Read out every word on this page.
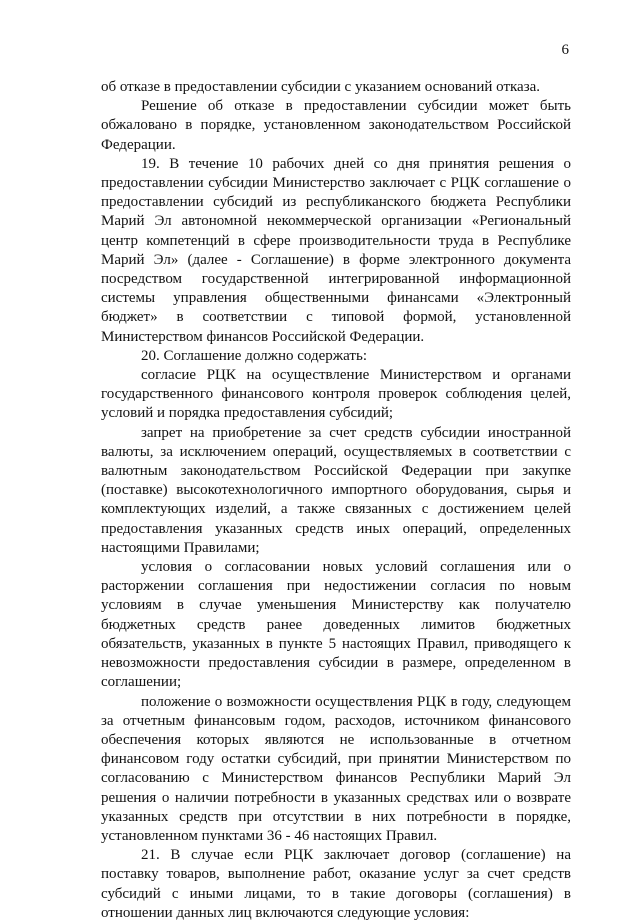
6

об отказе в предоставлении субсидии с указанием оснований отказа.

Решение об отказе в предоставлении субсидии может быть обжаловано в порядке, установленном законодательством Российской Федерации.

19. В течение 10 рабочих дней со дня принятия решения о предоставлении субсидии Министерство заключает с РЦК соглашение о предоставлении субсидий из республиканского бюджета Республики Марий Эл автономной некоммерческой организации «Региональный центр компетенций в сфере производительности труда в Республике Марий Эл» (далее - Соглашение) в форме электронного документа посредством государственной интегрированной информационной системы управления общественными финансами «Электронный бюджет» в соответствии с типовой формой, установленной Министерством финансов Российской Федерации.

20. Соглашение должно содержать:

согласие РЦК на осуществление Министерством и органами государственного финансового контроля проверок соблюдения целей, условий и порядка предоставления субсидий;

запрет на приобретение за счет средств субсидии иностранной валюты, за исключением операций, осуществляемых в соответствии с валютным законодательством Российской Федерации при закупке (поставке) высокотехнологичного импортного оборудования, сырья и комплектующих изделий, а также связанных с достижением целей предоставления указанных средств иных операций, определенных настоящими Правилами;

условия о согласовании новых условий соглашения или о расторжении соглашения при недостижении согласия по новым условиям в случае уменьшения Министерству как получателю бюджетных средств ранее доведенных лимитов бюджетных обязательств, указанных в пункте 5 настоящих Правил, приводящего к невозможности предоставления субсидии в размере, определенном в соглашении;

положение о возможности осуществления РЦК в году, следующем за отчетным финансовым годом, расходов, источником финансового обеспечения которых являются не использованные в отчетном финансовом году остатки субсидий, при принятии Министерством по согласованию с Министерством финансов Республики Марий Эл решения о наличии потребности в указанных средствах или о возврате указанных средств при отсутствии в них потребности в порядке, установленном пунктами 36 - 46 настоящих Правил.

21. В случае если РЦК заключает договор (соглашение) на поставку товаров, выполнение работ, оказание услуг за счет средств субсидий с иными лицами, то в такие договоры (соглашения) в отношении данных лиц включаются следующие условия:
